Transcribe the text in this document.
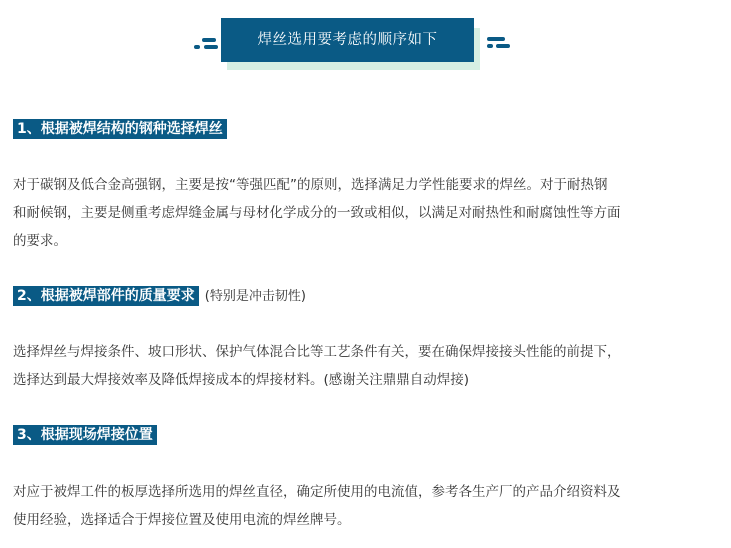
焊丝选用要考虑的顺序如下
1、根据被焊结构的钢种选择焊丝

对于碳钢及低合金高强钢，主要是按“等强匹配”的原则，选择满足力学性能要求的焊丝。对于耐热钢
和耐候钢，主要是侧重考虑焊缝金属与母材化学成分的一致或相似，以满足对耐热性和耐腐蚀性等方面
的要求。

2、根据被焊部件的质量要求 (特别是冲击韧性)

选择焊丝与焊接条件、坡口形状、保护气体混合比等工艺条件有关，要在确保焊接接头性能的前提下，
选择达到最大焊接效率及降低焊接成本的焊接材料。(感谢关注鼎鼎自动焊接)

3、根据现场焊接位置

对应于被焊工件的板厚选择所选用的焊丝直径，确定所使用的电流值，参考各生产厂的产品介绍资料及
使用经验，选择适合于焊接位置及使用电流的焊丝牌号。
